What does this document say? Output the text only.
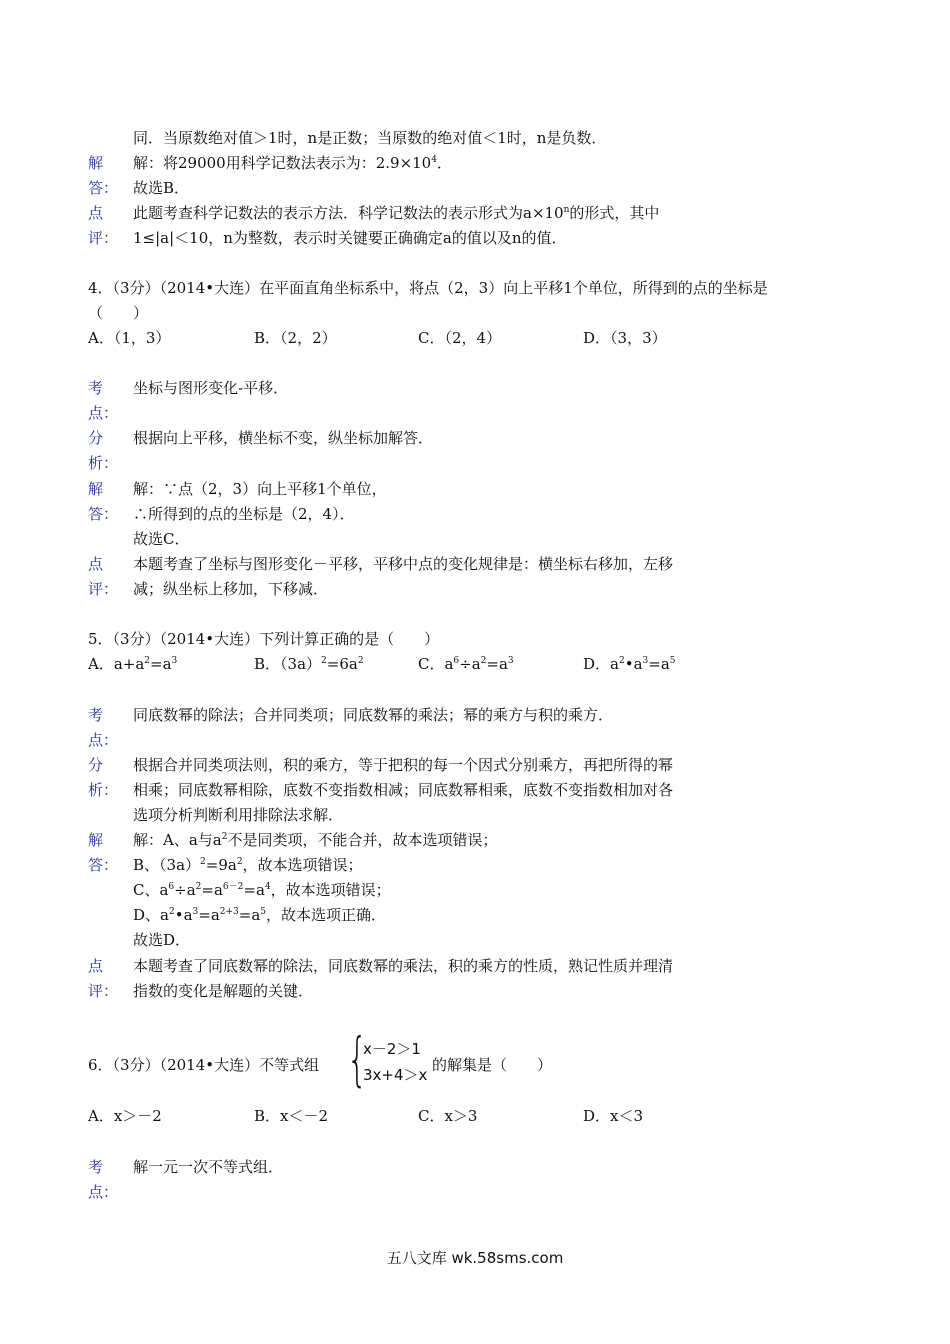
同．当原数绝对值＞1时，n是正数；当原数的绝对值＜1时，n是负数．
解
答：
解：将29000用科学记数法表示为：$2.9\times 10^4$．
故选B．
点
评：
此题考查科学记数法的表示方法．科学记数法的表示形式为$a\times 10^n$的形式，其中
1≤|a|＜10，n为整数，表示时关键要正确确定a的值以及n的值．
4．（3分）（2014•大连）在平面直角坐标系中，将点（2，3）向上平移1个单位，所得到的点的坐标是
（　　）
A．（1，3）	B．（2，2）	C．（2，4）	D．（3，3）
考
点：
坐标与图形变化-平移．
分
析：
根据向上平移，横坐标不变，纵坐标加解答．
解
答：
解：∵点（2，3）向上平移1个单位，
∴所得到的点的坐标是（2，4）．
故选C．
点
评：
本题考查了坐标与图形变化－平移，平移中点的变化规律是：横坐标右移加，左移
减；纵坐标上移加，下移减．
5．（3分）（2014•大连）下列计算正确的是（　　）
A．$a+a^2=a^3$	B．$(3a)^2=6a^2$	C．$a^6\div a^2=a^3$	D．$a^2•a^3=a^5$
考
点：
同底数幂的除法；合并同类项；同底数幂的乘法；幂的乘方与积的乘方．
分
析：
根据合并同类项法则，积的乘方，等于把积的每一个因式分别乘方，再把所得的幂
相乘；同底数幂相除，底数不变指数相减；同底数幂相乘，底数不变指数相加对各
选项分析判断利用排除法求解．
解
答：
解：A、a与$a^2$不是同类项，不能合并，故本选项错误；
B、$(3a)^2=9a^2$，故本选项错误；
C、$a^6\div a^2=a^{6-2}=a^4$，故本选项错误；
D、$a^2•a^3=a^{2+3}=a^5$，故本选项正确．
故选D．
点
评：
本题考查了同底数幂的除法，同底数幂的乘法，积的乘方的性质，熟记性质并理清
指数的变化是解题的关键．
6．（3分）（2014•大连）不等式组 {
x－2＞1
3x+4＞x
的解集是（　　）
A．x＞－2	B．x＜－2	C．x＞3	D．x＜3
考
点：
解一元一次不等式组．
五八文库 wk.58sms.com
